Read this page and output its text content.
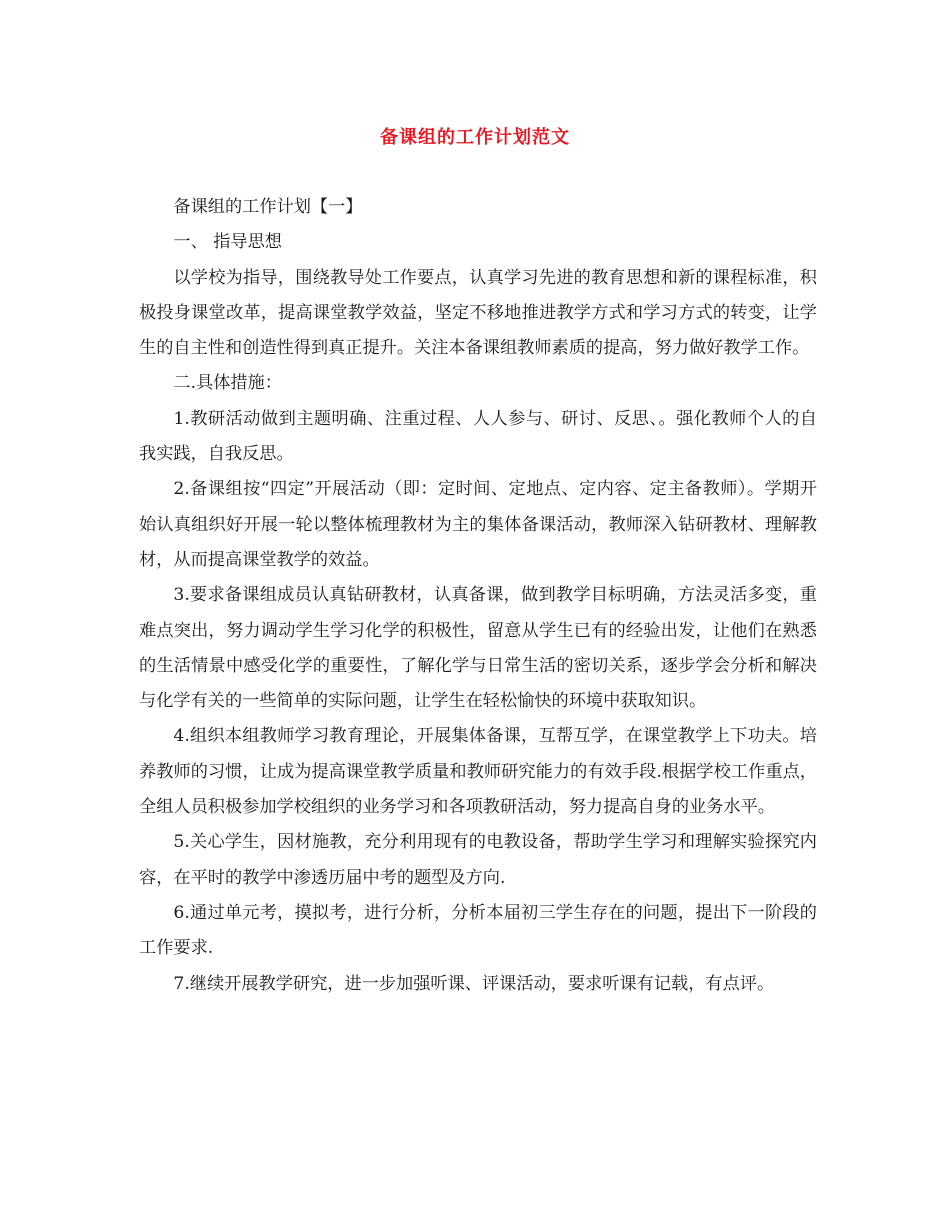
备课组的工作计划范文

备课组的工作计划【一】

一、 指导思想

以学校为指导，围绕教导处工作要点，认真学习先进的教育思想和新的课程标准，积极投身课堂改革，提高课堂教学效益，坚定不移地推进教学方式和学习方式的转变，让学生的自主性和创造性得到真正提升。关注本备课组教师素质的提高，努力做好教学工作。

二.具体措施：

1.教研活动做到主题明确、注重过程、人人参与、研讨、反思、。强化教师个人的自我实践，自我反思。

2.备课组按“四定”开展活动（即：定时间、定地点、定内容、定主备教师）。学期开始认真组织好开展一轮以整体梳理教材为主的集体备课活动，教师深入钻研教材、理解教材，从而提高课堂教学的效益。

3.要求备课组成员认真钻研教材，认真备课，做到教学目标明确，方法灵活多变，重难点突出，努力调动学生学习化学的积极性，留意从学生已有的经验出发，让他们在熟悉的生活情景中感受化学的重要性，了解化学与日常生活的密切关系，逐步学会分析和解决与化学有关的一些简单的实际问题，让学生在轻松愉快的环境中获取知识。

4.组织本组教师学习教育理论，开展集体备课，互帮互学，在课堂教学上下功夫。培养教师的习惯，让成为提高课堂教学质量和教师研究能力的有效手段.根据学校工作重点，全组人员积极参加学校组织的业务学习和各项教研活动，努力提高自身的业务水平。

5.关心学生，因材施教，充分利用现有的电教设备，帮助学生学习和理解实验探究内容，在平时的教学中渗透历届中考的题型及方向.

6.通过单元考，摸拟考，进行分析，分析本届初三学生存在的问题，提出下一阶段的工作要求.

7.继续开展教学研究，进一步加强听课、评课活动，要求听课有记载，有点评。
